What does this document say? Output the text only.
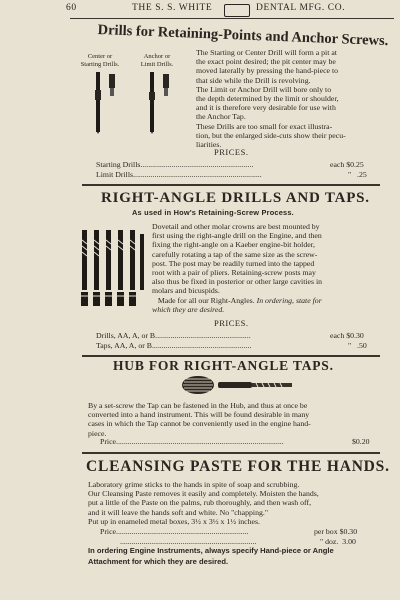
60	THE S. S. WHITE	DENTAL MFG. CO.
Drills for Retaining-Points and Anchor Screws.
Center or
Starting Drills.
Anchor or
Limit Drills.
The Starting or Center Drill will form a pit at
the exact point desired; the pit center may be
moved laterally by pressing the hand-piece to
that side while the Drill is revolving.
The Limit or Anchor Drill will bore only to
the depth determined by the limit or shoulder,
and it is therefore very desirable for use with
the Anchor Tap.
These Drills are too small for exact illustra-
tion, but the enlarged side-cuts show their pecu-
liarities.
PRICES.
Starting Drills..........................................................	each $0.25
Limit Drills..................................................................	" .25
RIGHT-ANGLE DRILLS AND TAPS.
As used in How's Retaining-Screw Process.
Dovetail and other molar crowns are best mounted by
first using the right-angle drill on the Engine, and then
fixing the right-angle on a Kaeber engine-bit holder,
carefully rotating a tap of the same size as the screw-
post. The post may be readily turned into the tapped
root with a pair of pliers. Retaining-screw posts may
also thus be fixed in posterior or other large cavities in
molars and bicuspids.
Made for all our Right-Angles. In ordering, state for
which they are desired.
PRICES.
Drills, AA, A, or B.................................................	each $0.30
Taps, AA, A, or B...................................................	" .50
HUB FOR RIGHT-ANGLE TAPS.
By a set-screw the Tap can be fastened in the Hub, and thus at once be
converted into a hand instrument. This will be found desirable in many
cases in which the Tap cannot be conveniently used in the engine hand-
piece.
Price......................................................................................	$0.20
CLEANSING PASTE FOR THE HANDS.
Laboratory grime sticks to the hands in spite of soap and scrubbing.
Our Cleansing Paste removes it easily and completely. Moisten the hands,
put a little of the Paste on the palms, rub thoroughly, and then wash off,
and it will leave the hands soft and white. No "chapping."
Put up in enameled metal boxes, 3½ x 3½ x 1½ inches.
Price....................................................................	per box $0.30
......................................................................	" doz. 3.00
In ordering Engine Instruments, always specify Hand-piece or Angle
Attachment for which they are desired.
